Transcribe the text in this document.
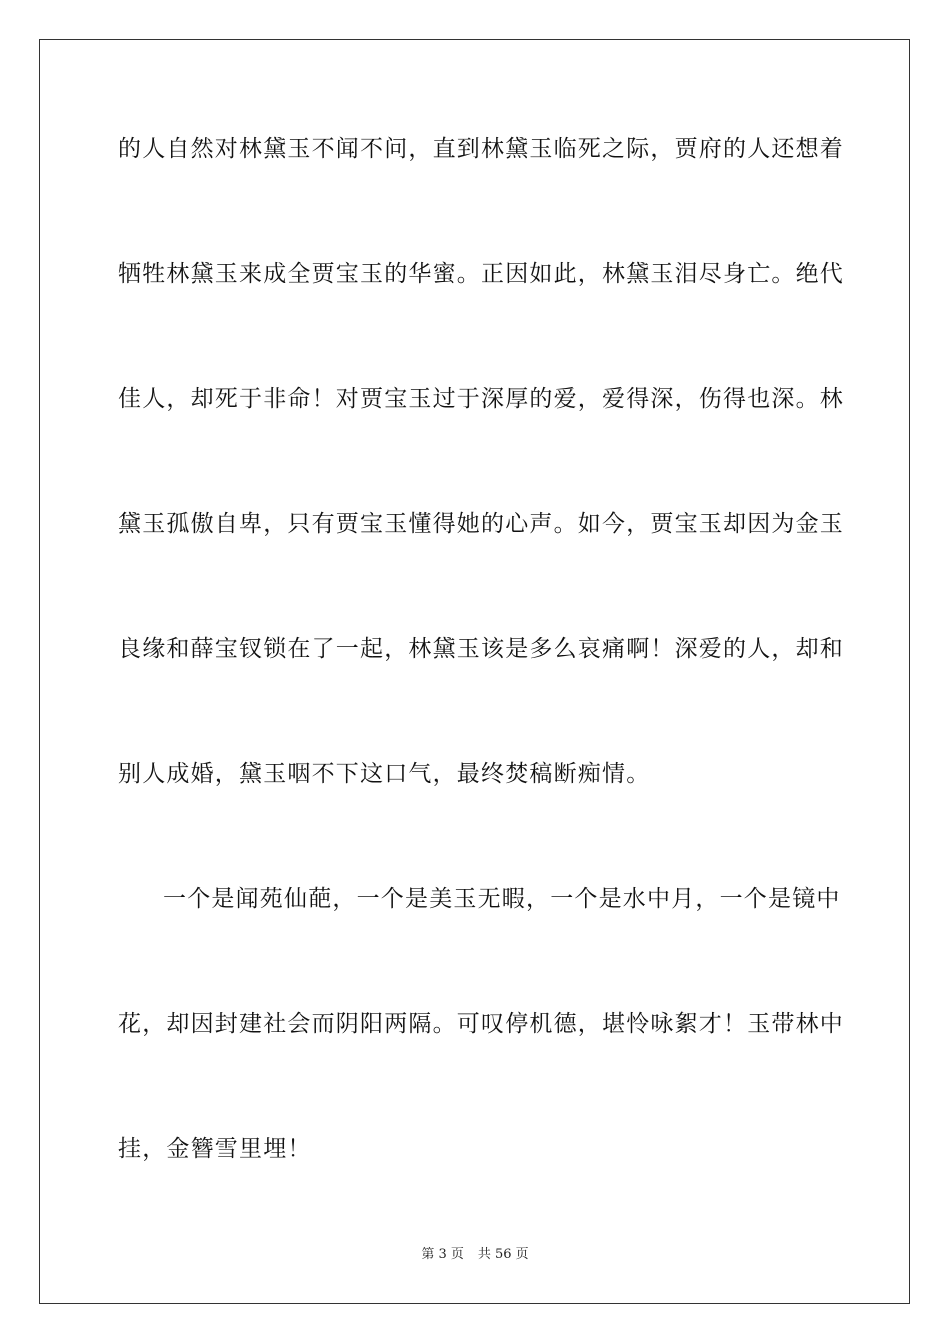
的人自然对林黛玉不闻不问，直到林黛玉临死之际，贾府的人还想着
牺牲林黛玉来成全贾宝玉的华蜜。正因如此，林黛玉泪尽身亡。绝代
佳人，却死于非命！对贾宝玉过于深厚的爱，爱得深，伤得也深。林
黛玉孤傲自卑，只有贾宝玉懂得她的心声。如今，贾宝玉却因为金玉
良缘和薛宝钗锁在了一起，林黛玉该是多么哀痛啊！深爱的人，却和
别人成婚，黛玉咽不下这口气，最终焚稿断痴情。
一个是闻苑仙葩，一个是美玉无暇，一个是水中月，一个是镜中
花，却因封建社会而阴阳两隔。可叹停机德，堪怜咏絮才！玉带林中
挂，金簪雪里埋！
第 3 页 共 56 页
